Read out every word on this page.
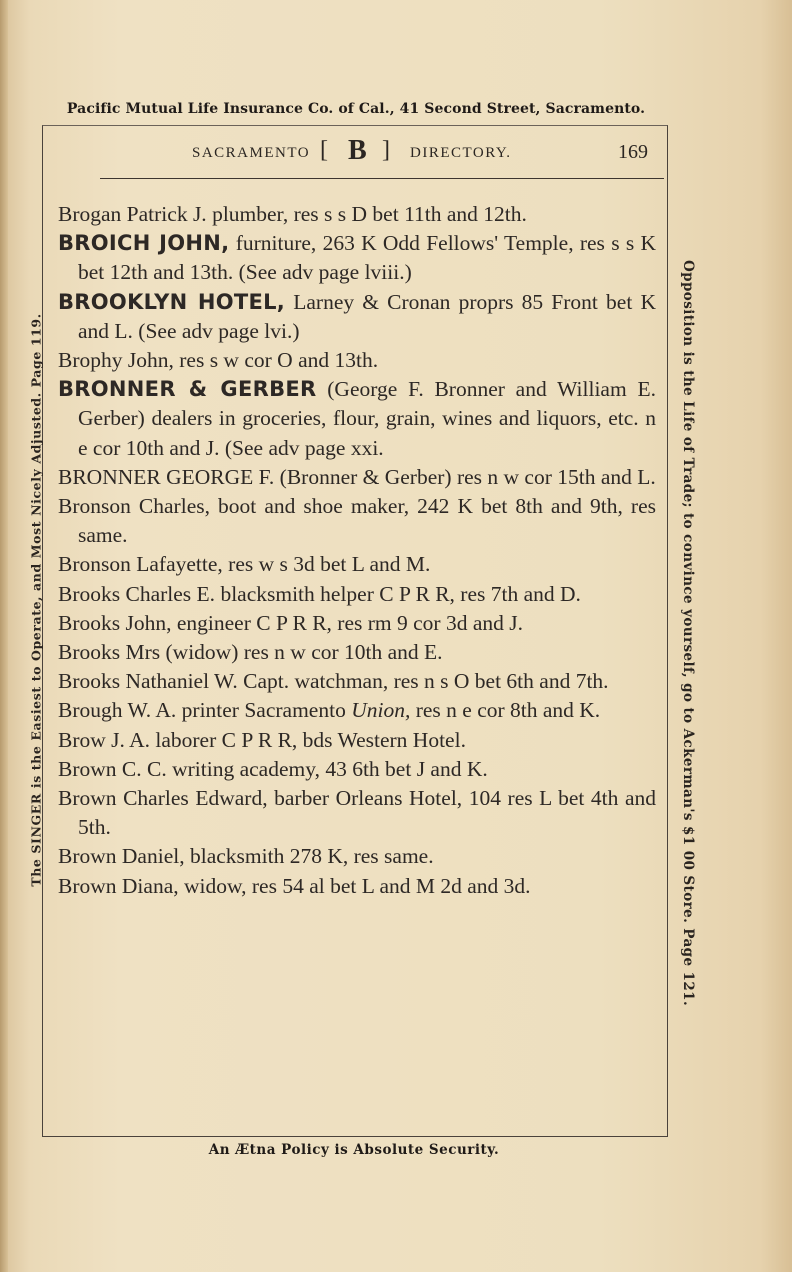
Pacific Mutual Life Insurance Co. of Cal., 41 Second Street, Sacramento.
SACRAMENTO [ B ] DIRECTORY.	169

Brogan Patrick J. plumber, res s s D bet 11th and 12th.

BROICH JOHN, furniture, 263 K Odd Fellows' Temple, res s s K bet 12th and 13th. (See adv page lviii.)

BROOKLYN HOTEL, Larney & Cronan proprs 85 Front bet K and L. (See adv page lvi.)

Brophy John, res s w cor O and 13th.

BRONNER & GERBER (George F. Bronner and William E. Gerber) dealers in groceries, flour, grain, wines and liquors, etc. n e cor 10th and J. (See adv page xxi.

BRONNER GEORGE F. (Bronner & Gerber) res n w cor 15th and L.

Bronson Charles, boot and shoe maker, 242 K bet 8th and 9th, res same.

Bronson Lafayette, res w s 3d bet L and M.

Brooks Charles E. blacksmith helper C P R R, res 7th and D.

Brooks John, engineer C P R R, res rm 9 cor 3d and J.

Brooks Mrs (widow) res n w cor 10th and E.

Brooks Nathaniel W. Capt. watchman, res n s O bet 6th and 7th.

Brough W. A. printer Sacramento Union, res n e cor 8th and K.

Brow J. A. laborer C P R R, bds Western Hotel.

Brown C. C. writing academy, 43 6th bet J and K.

Brown Charles Edward, barber Orleans Hotel, 104 res L bet 4th and 5th.

Brown Daniel, blacksmith 278 K, res same.

Brown Diana, widow, res 54 al bet L and M 2d and 3d.

The SINGER is the Easiest to Operate, and Most Nicely Adjusted. Page 119.	Opposition is the Life of Trade; to convince yourself, go to Ackerman's $1 00 Store. Page 121.
An Ætna Policy is Absolute Security.
